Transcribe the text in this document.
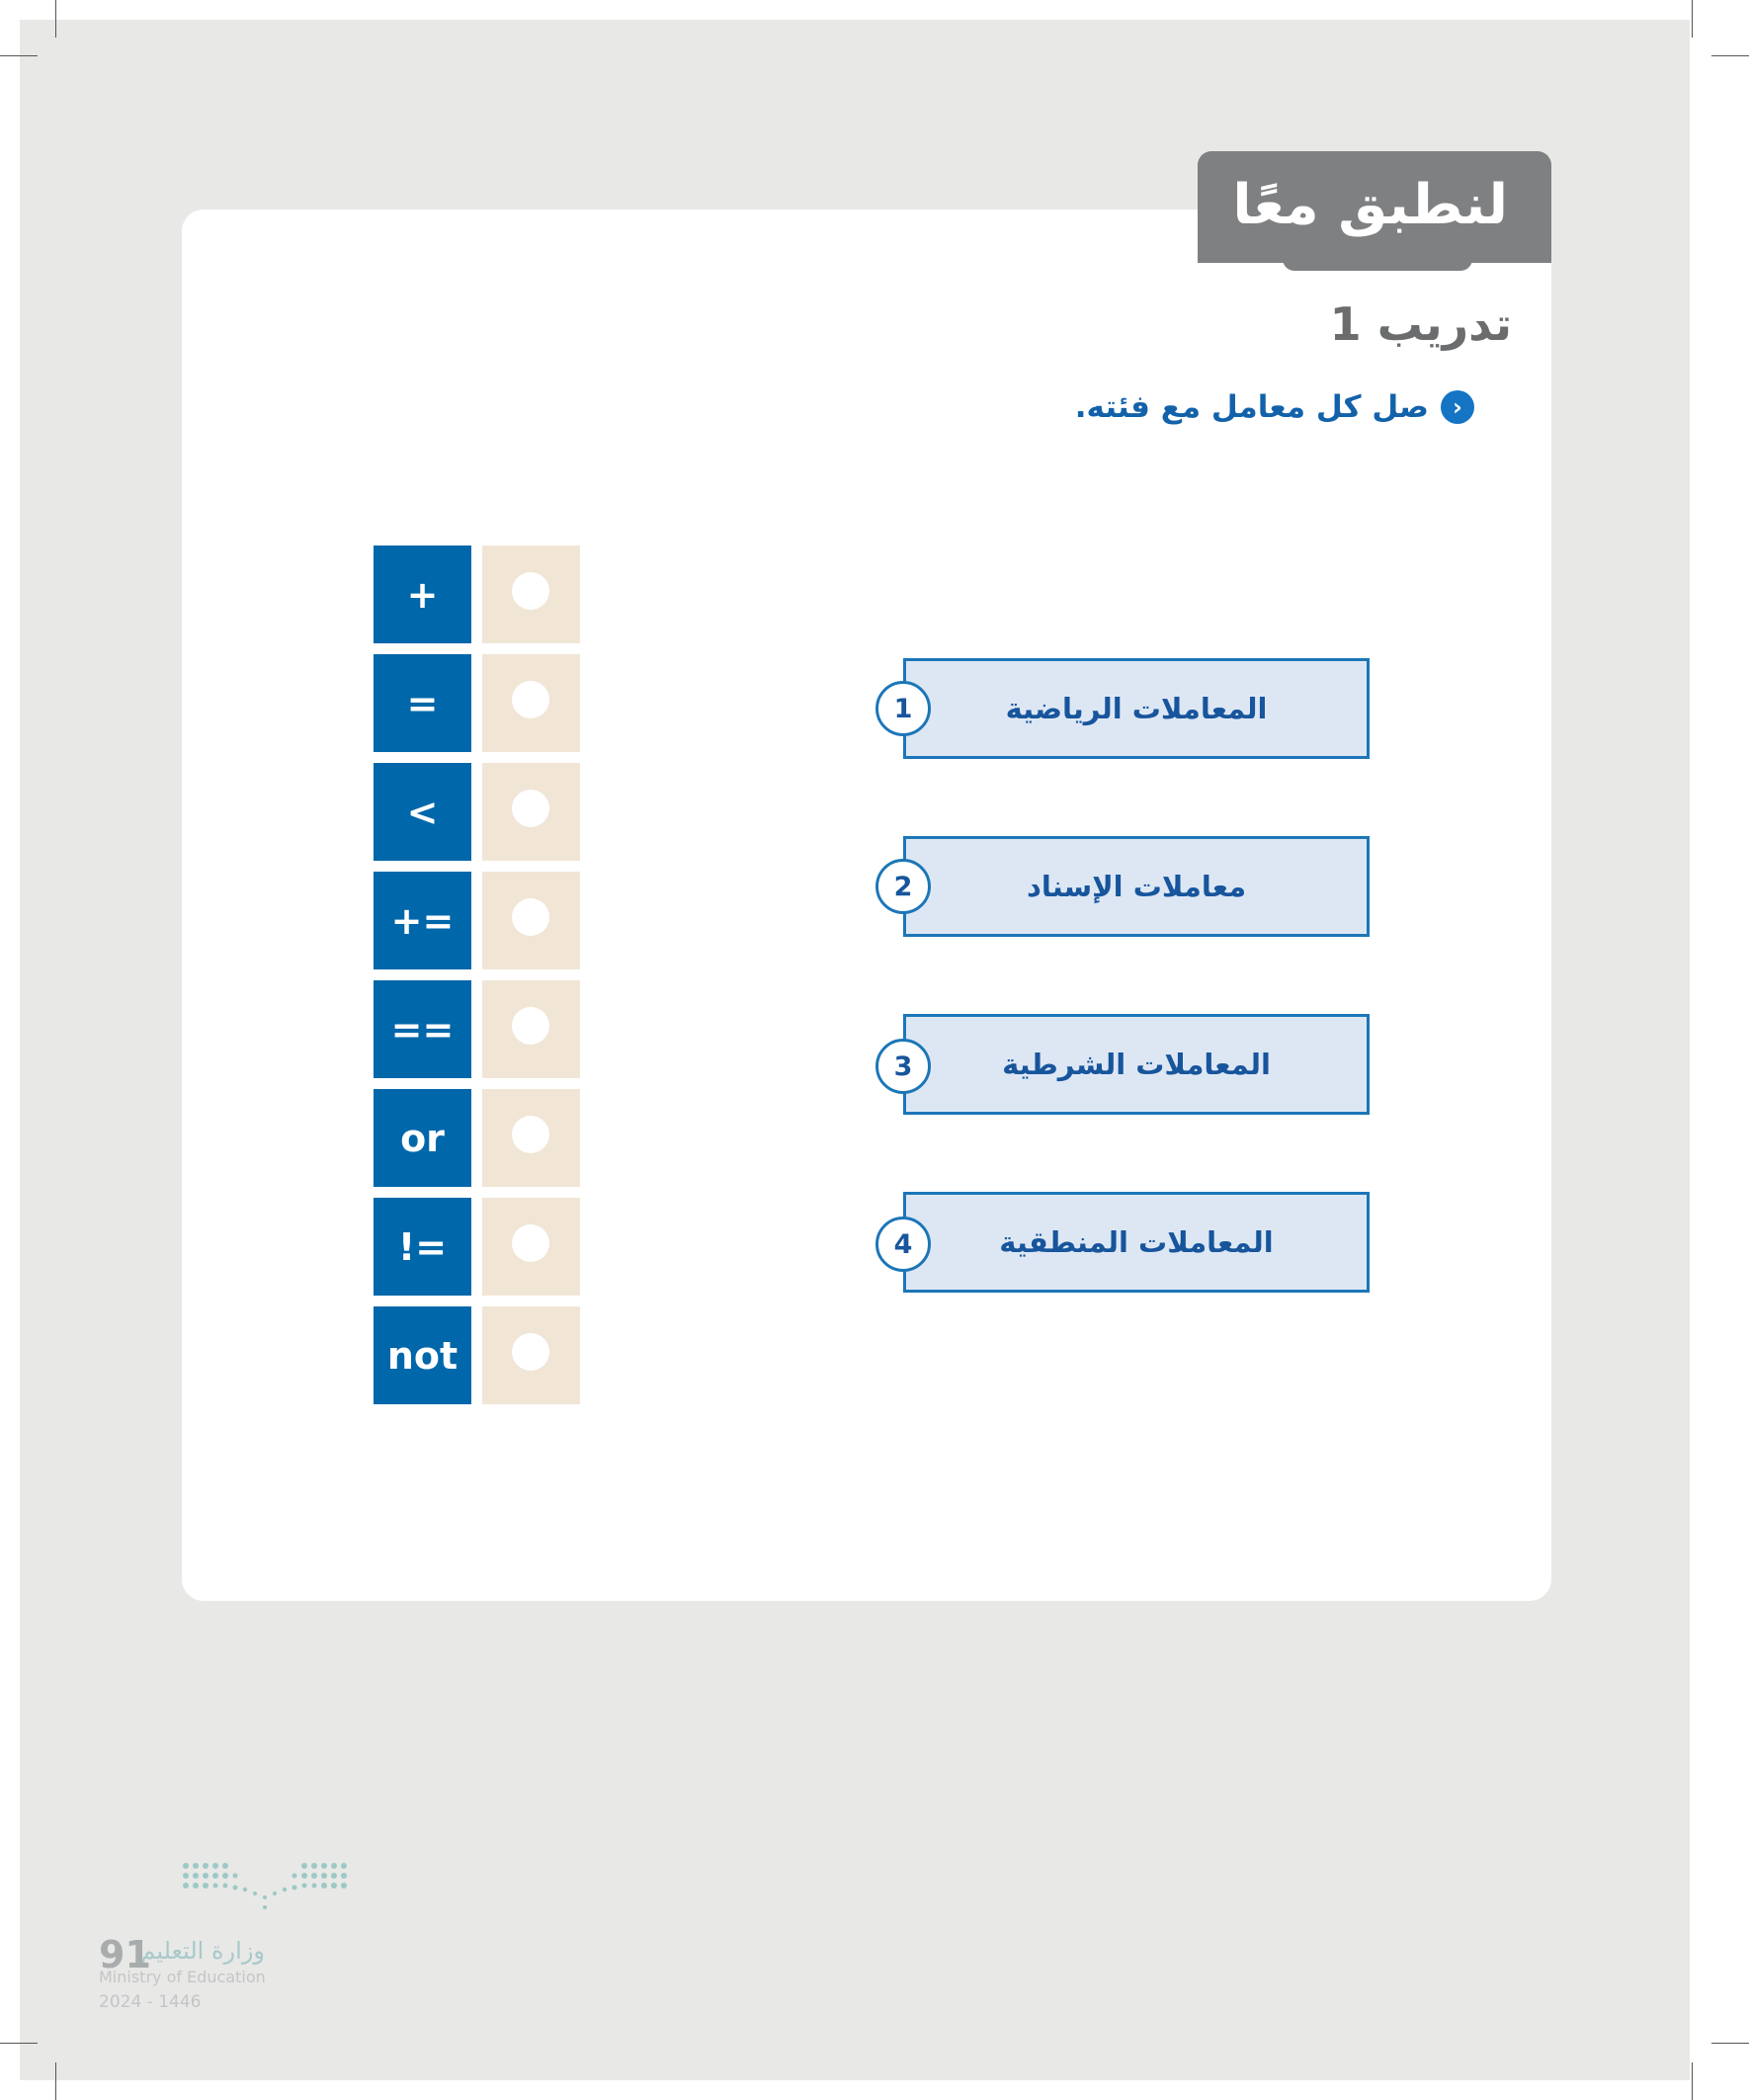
لنطبق معًا
تدريب 1
‹
صل كل معامل مع فئته.
+
=
<
+=
==
or
!=
not
المعاملات الرياضية
1
معاملات الإسناد
2
المعاملات الشرطية
3
المعاملات المنطقية
4
وزارة التعليم
91
Ministry of Education
2024 - 1446
